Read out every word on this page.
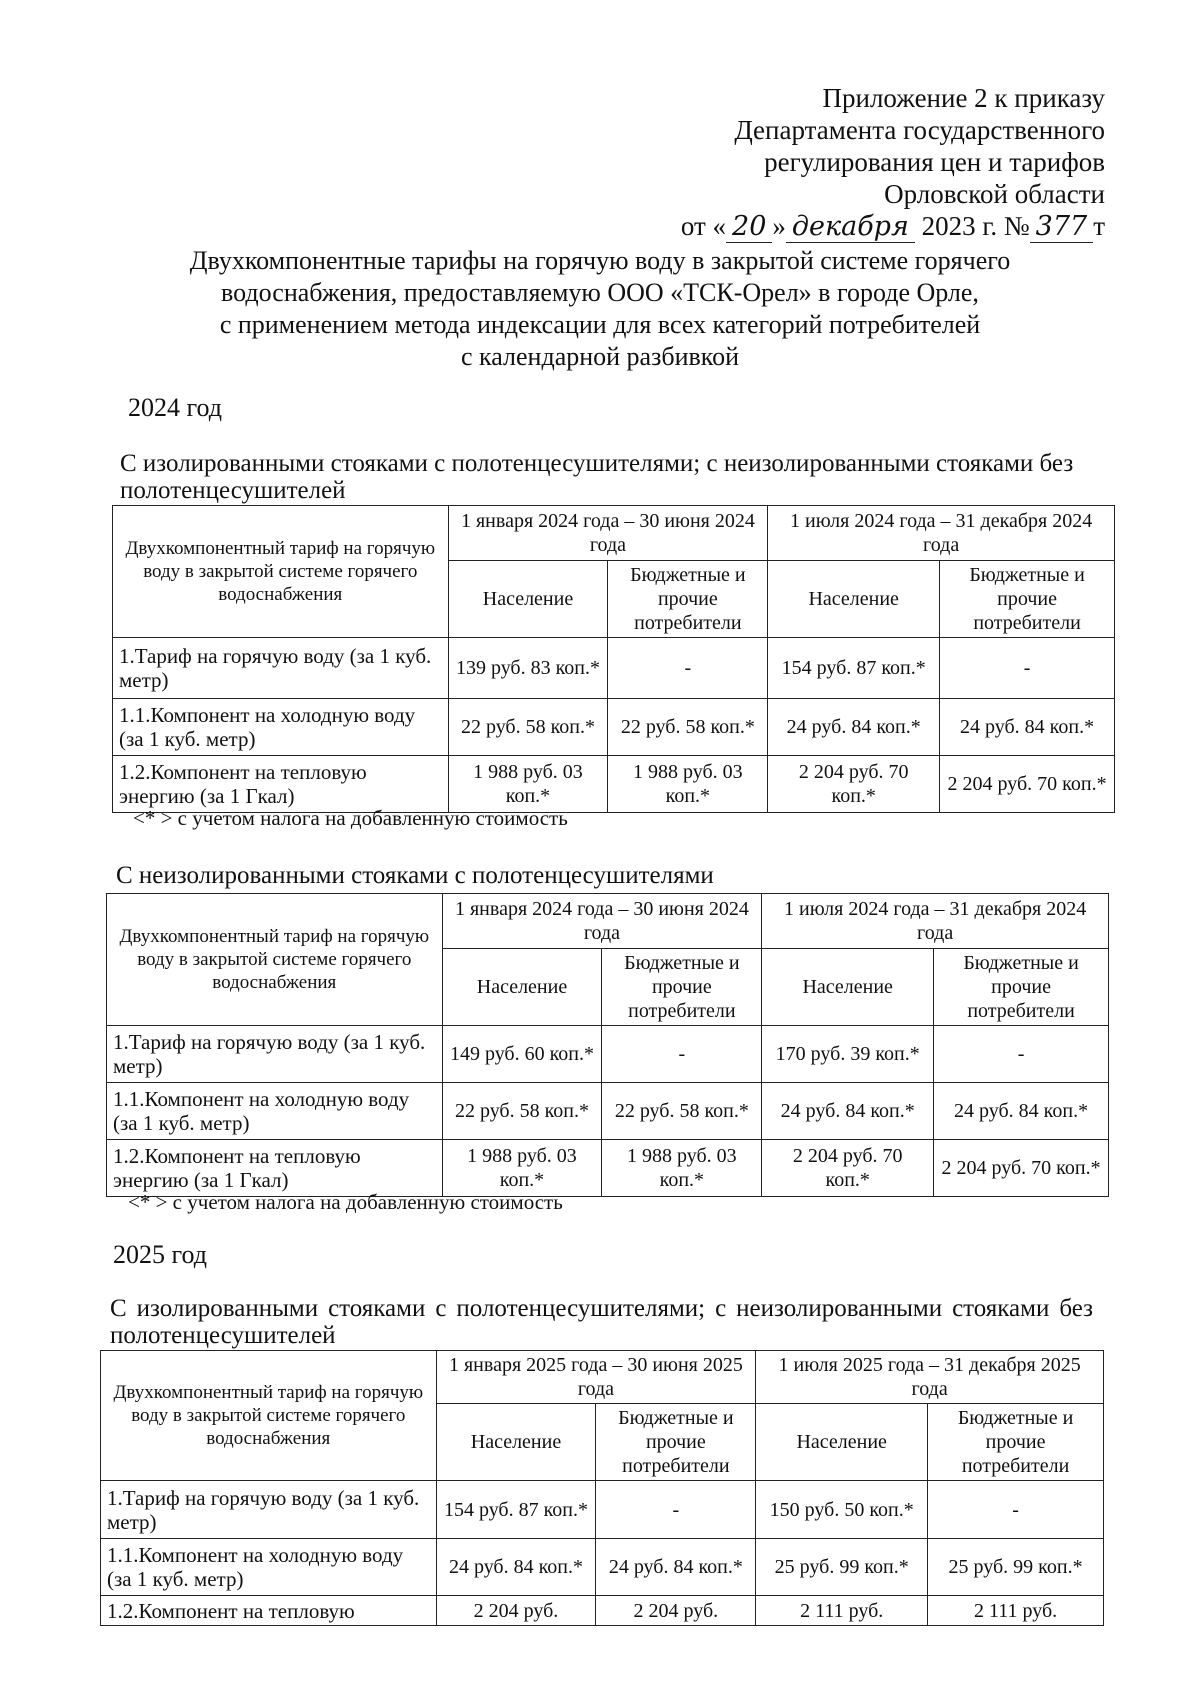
Приложение 2 к приказу
Департамента государственного
регулирования цен и тарифов
Орловской области
от « 20 » декабря 2023 г. № 377 т
Двухкомпонентные тарифы на горячую воду в закрытой системе горячего
водоснабжения, предоставляемую ООО «ТСК-Орел» в городе Орле,
с применением метода индексации для всех категорий потребителей
с календарной разбивкой
2024 год
С изолированными стояками с полотенцесушителями; с неизолированными стояками без полотенцесушителей
Двухкомпонентный тариф на горячую воду в закрытой системе горячего водоснабжения	1 января 2024 года – 30 июня 2024 года		1 июля 2024 года – 31 декабря 2024 года	
	Население	Бюджетные и прочие потребители	Население	Бюджетные и прочие потребители
1.Тариф на горячую воду (за 1 куб. метр)	139 руб. 83 коп.*	-	154 руб. 87 коп.*	-
1.1.Компонент на холодную воду (за 1 куб. метр)	22 руб. 58 коп.*	22 руб. 58 коп.*	24 руб. 84 коп.*	24 руб. 84 коп.*
1.2.Компонент на тепловую энергию (за 1 Гкал)	1 988 руб. 03 коп.*	1 988 руб. 03 коп.*	2 204 руб. 70 коп.*	2 204 руб. 70 коп.*
<* > с учетом налога на добавленную стоимость
С неизолированными стояками с полотенцесушителями
Двухкомпонентный тариф на горячую воду в закрытой системе горячего водоснабжения	1 января 2024 года – 30 июня 2024 года		1 июля 2024 года – 31 декабря 2024 года	
	Население	Бюджетные и прочие потребители	Население	Бюджетные и прочие потребители
1.Тариф на горячую воду (за 1 куб. метр)	149 руб. 60 коп.*	-	170 руб. 39 коп.*	-
1.1.Компонент на холодную воду (за 1 куб. метр)	22 руб. 58 коп.*	22 руб. 58 коп.*	24 руб. 84 коп.*	24 руб. 84 коп.*
1.2.Компонент на тепловую энергию (за 1 Гкал)	1 988 руб. 03 коп.*	1 988 руб. 03 коп.*	2 204 руб. 70 коп.*	2 204 руб. 70 коп.*
<* > с учетом налога на добавленную стоимость
2025 год
С изолированными стояками с полотенцесушителями; с неизолированными стояками без полотенцесушителей
Двухкомпонентный тариф на горячую воду в закрытой системе горячего водоснабжения	1 января 2025 года – 30 июня 2025 года		1 июля 2025 года – 31 декабря 2025 года	
	Население	Бюджетные и прочие потребители	Население	Бюджетные и прочие потребители
1.Тариф на горячую воду (за 1 куб. метр)	154 руб. 87 коп.*	-	150 руб. 50 коп.*	-
1.1.Компонент на холодную воду (за 1 куб. метр)	24 руб. 84 коп.*	24 руб. 84 коп.*	25 руб. 99 коп.*	25 руб. 99 коп.*
1.2.Компонент на тепловую	2 204 руб.	2 204 руб.	2 111 руб.	2 111 руб.
